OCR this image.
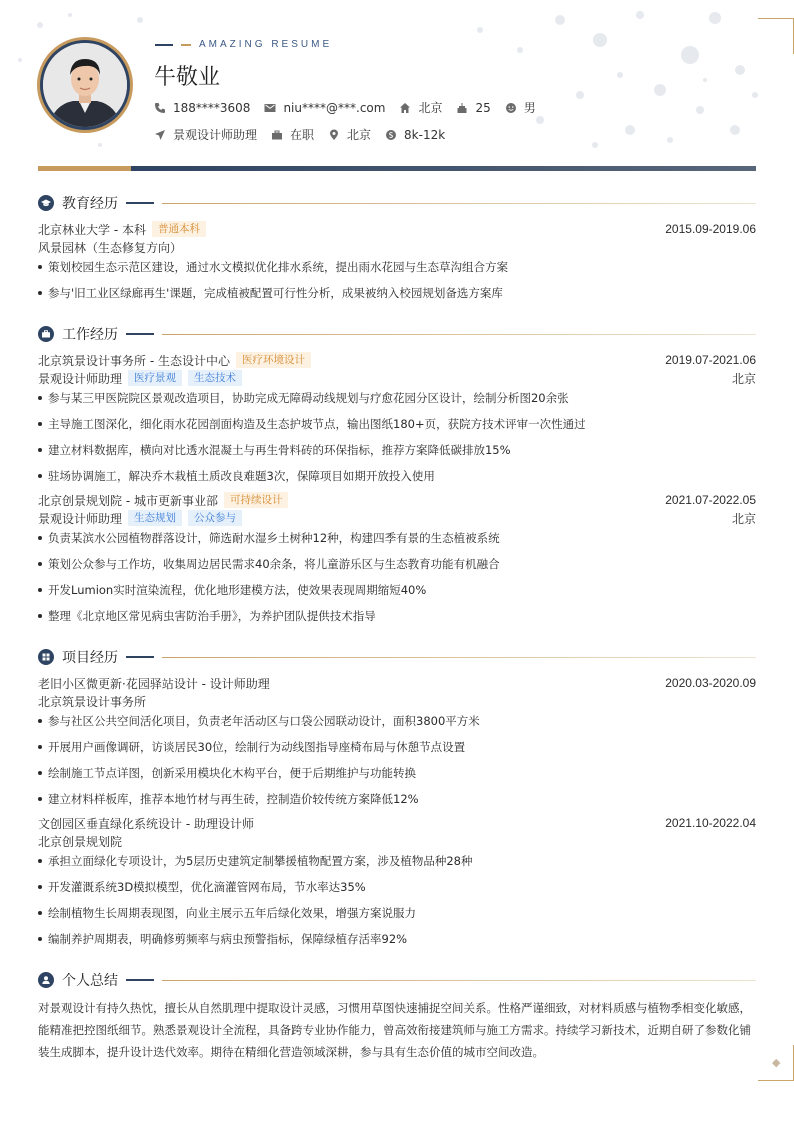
◆
AMAZING RESUME
牛敬业
188****3608	niu****@***.com	北京	25	男
景观设计师助理	在职	北京	8k-12k
教育经历
北京林业大学 - 本科	普通本科	2015.09-2019.06
风景园林（生态修复方向）
策划校园生态示范区建设，通过水文模拟优化排水系统，提出雨水花园与生态草沟组合方案
参与'旧工业区绿廊再生'课题，完成植被配置可行性分析，成果被纳入校园规划备选方案库
工作经历
北京筑景设计事务所 - 生态设计中心	医疗环境设计	2019.07-2021.06
景观设计师助理	医疗景观	生态技术	北京
参与某三甲医院院区景观改造项目，协助完成无障碍动线规划与疗愈花园分区设计，绘制分析图20余张
主导施工图深化，细化雨水花园剖面构造及生态护坡节点，输出图纸180+页，获院方技术评审一次性通过
建立材料数据库，横向对比透水混凝土与再生骨料砖的环保指标，推荐方案降低碳排放15%
驻场协调施工，解决乔木栽植土质改良难题3次，保障项目如期开放投入使用
北京创景规划院 - 城市更新事业部	可持续设计	2021.07-2022.05
景观设计师助理	生态规划	公众参与	北京
负责某滨水公园植物群落设计，筛选耐水湿乡土树种12种，构建四季有景的生态植被系统
策划公众参与工作坊，收集周边居民需求40余条，将儿童游乐区与生态教育功能有机融合
开发Lumion实时渲染流程，优化地形建模方法，使效果表现周期缩短40%
整理《北京地区常见病虫害防治手册》，为养护团队提供技术指导
项目经历
老旧小区微更新·花园驿站设计 - 设计师助理	2020.03-2020.09
北京筑景设计事务所
参与社区公共空间活化项目，负责老年活动区与口袋公园联动设计，面积3800平方米
开展用户画像调研，访谈居民30位，绘制行为动线图指导座椅布局与休憩节点设置
绘制施工节点详图，创新采用模块化木构平台，便于后期维护与功能转换
建立材料样板库，推荐本地竹材与再生砖，控制造价较传统方案降低12%
文创园区垂直绿化系统设计 - 助理设计师	2021.10-2022.04
北京创景规划院
承担立面绿化专项设计，为5层历史建筑定制攀援植物配置方案，涉及植物品种28种
开发灌溉系统3D模拟模型，优化滴灌管网布局，节水率达35%
绘制植物生长周期表现图，向业主展示五年后绿化效果，增强方案说服力
编制养护周期表，明确修剪频率与病虫预警指标，保障绿植存活率92%
个人总结
对景观设计有持久热忱，擅长从自然肌理中提取设计灵感，习惯用草图快速捕捉空间关系。性格严谨细致，对材料质感与植物季相变化敏感，能精准把控图纸细节。熟悉景观设计全流程，具备跨专业协作能力，曾高效衔接建筑师与施工方需求。持续学习新技术，近期自研了参数化铺装生成脚本，提升设计迭代效率。期待在精细化营造领域深耕，参与具有生态价值的城市空间改造。
